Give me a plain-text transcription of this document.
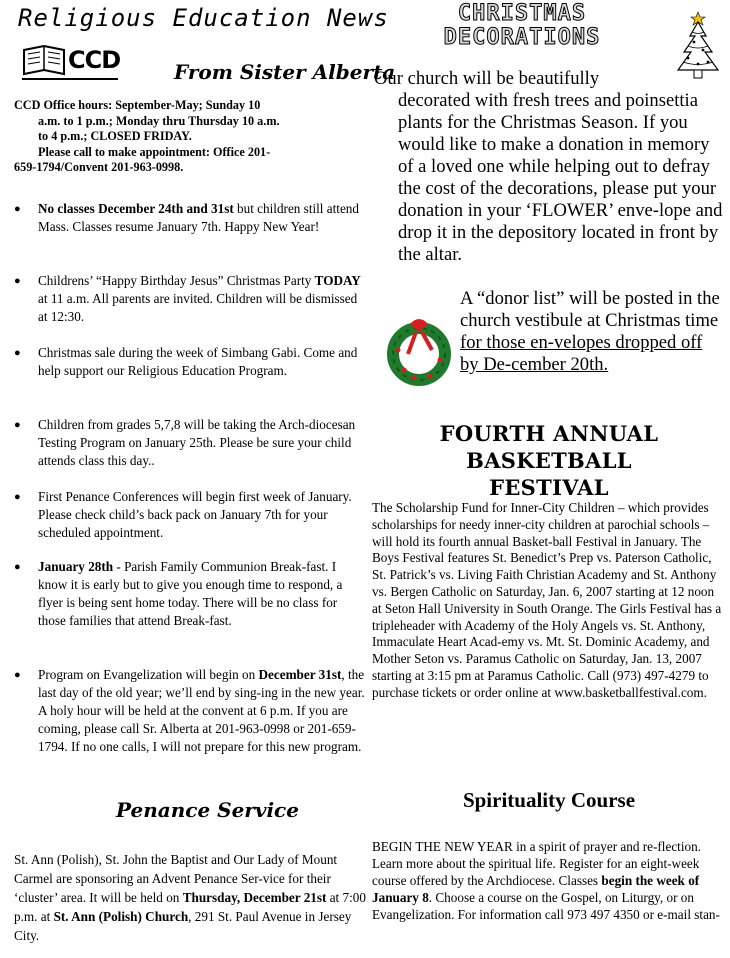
Religious Education News
CCD	From Sister Alberta
CCD Office hours: September-May; Sunday 10
a.m. to 1 p.m.; Monday thru Thursday 10 a.m.
to 4 p.m.; CLOSED FRIDAY.
Please call to make appointment: Office 201-
659-1794/Convent 201-963-0998.
● No classes December 24th and 31st but children still attend Mass. Classes resume January 7th. Happy New Year!
● Childrens’ “Happy Birthday Jesus” Christmas Party TODAY at 11 a.m. All parents are invited. Children will be dismissed at 12:30.
● Christmas sale during the week of Simbang Gabi. Come and help support our Religious Education Program.
● Children from grades 5,7,8 will be taking the Arch-diocesan Testing Program on January 25th. Please be sure your child attends class this day..
● First Penance Conferences will begin first week of January. Please check child’s back pack on January 7th for your scheduled appointment.
● January 28th - Parish Family Communion Break-fast. I know it is early but to give you enough time to respond, a flyer is being sent home today. There will be no class for those families that attend Break-fast.
● Program on Evangelization will begin on December 31st, the last day of the old year; we’ll end by sing-ing in the new year. A holy hour will be held at the convent at 6 p.m. If you are coming, please call Sr. Alberta at 201-963-0998 or 201-659-1794. If no one calls, I will not prepare for this new program.
Penance Service
St. Ann (Polish), St. John the Baptist and Our Lady of Mount Carmel are sponsoring an Advent Penance Ser-vice for their ‘cluster’ area. It will be held on Thursday, December 21st at 7:00 p.m. at St. Ann (Polish) Church, 291 St. Paul Avenue in Jersey City.
CHRISTMAS
DECORATIONS
Our church will be beautifully
decorated with fresh trees and poinsettia plants for the Christmas Season. If you would like to make a donation in memory of a loved one while helping out to defray the cost of the decorations, please put your donation in your ‘FLOWER’ enve-lope and drop it in the depository located in front by the altar.
A “donor list” will be posted in the church vestibule at Christmas time for those en-velopes dropped off by De-cember 20th.
FOURTH ANNUAL BASKETBALL
FESTIVAL
The Scholarship Fund for Inner-City Children – which provides scholarships for needy inner-city children at parochial schools – will hold its fourth annual Basket-ball Festival in January. The Boys Festival features St. Benedict’s Prep vs. Paterson Catholic, St. Patrick’s vs. Living Faith Christian Academy and St. Anthony vs. Bergen Catholic on Saturday, Jan. 6, 2007 starting at 12 noon at Seton Hall University in South Orange. The Girls Festival has a tripleheader with Academy of the Holy Angels vs. St. Anthony, Immaculate Heart Acad-emy vs. Mt. St. Dominic Academy, and Mother Seton vs. Paramus Catholic on Saturday, Jan. 13, 2007 starting at 3:15 pm at Paramus Catholic. Call (973) 497-4279 to purchase tickets or order online at www.basketballfestival.com.
Spirituality Course
BEGIN THE NEW YEAR in a spirit of prayer and re-flection. Learn more about the spiritual life. Register for an eight-week course offered by the Archdiocese. Classes begin the week of January 8. Choose a course on the Gospel, on Liturgy, or on Evangelization. For information call 973 497 4350 or e-mail stan-
